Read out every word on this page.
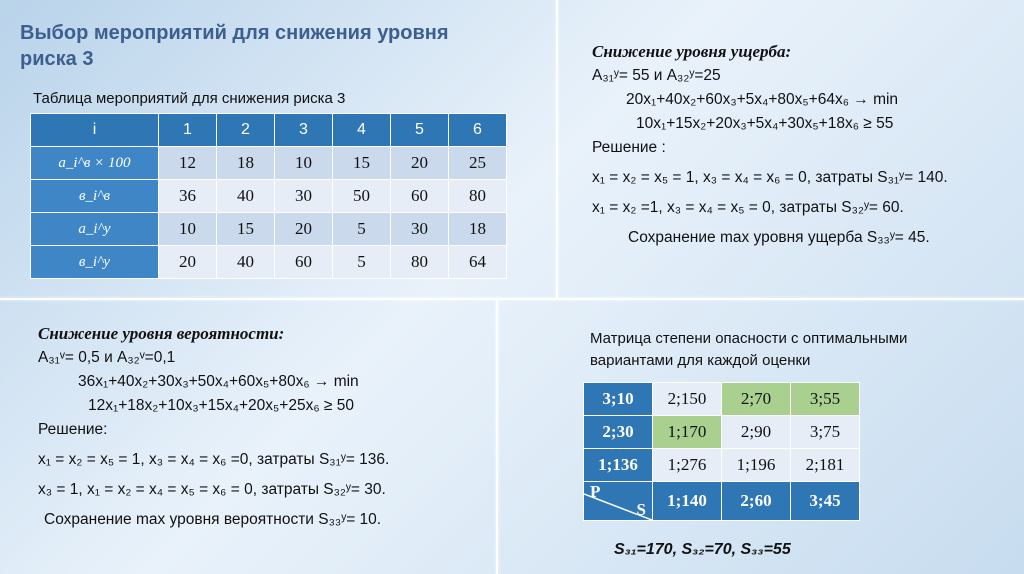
Выбор мероприятий для снижения уровня риска 3
Таблица мероприятий для снижения риска 3
i	1	2	3	4	5	6
a_i^в × 100	12	18	10	15	20	25
в_i^в	36	40	30	50	60	80
a_i^y	10	15	20	5	30	18
в_i^y	20	40	60	5	80	64
Снижение уровня ущерба:
A₃₁ʸ= 55 и A₃₂ʸ=25
20x₁+40x₂+60x₃+5x₄+80x₅+64x₆ → min
10x₁+15x₂+20x₃+5x₄+30x₅+18x₆ ≥ 55
Решение :
x₁ = x₂ = x₅ = 1, x₃ = x₄ = x₆ = 0, затраты S₃₁ʸ= 140.
x₁ = x₂ =1, x₃ = x₄ = x₅ = 0, затраты S₃₂ʸ= 60.
Сохранение max уровня ущерба S₃₃ʸ= 45.
Снижение уровня вероятности:
A₃₁ᵛ= 0,5 и A₃₂ᵛ=0,1
36x₁+40x₂+30x₃+50x₄+60x₅+80x₆ → min
12x₁+18x₂+10x₃+15x₄+20x₅+25x₆ ≥ 50
Решение:
x₁ = x₂ = x₅ = 1, x₃ = x₄ = x₆ =0, затраты S₃₁ʸ= 136.
x₃ = 1, x₁ = x₂ = x₄ = x₅ = x₆ = 0, затраты S₃₂ʸ= 30.
Сохранение max уровня вероятности S₃₃ʸ= 10.
Матрица степени опасности с оптимальными вариантами для каждой оценки
3;10	2;150	2;70	3;55
2;30	1;170	2;90	3;75
1;136	1;276	1;196	2;181

P
S	1;140	2;60	3;45
S₃₁=170, S₃₂=70, S₃₃=55
